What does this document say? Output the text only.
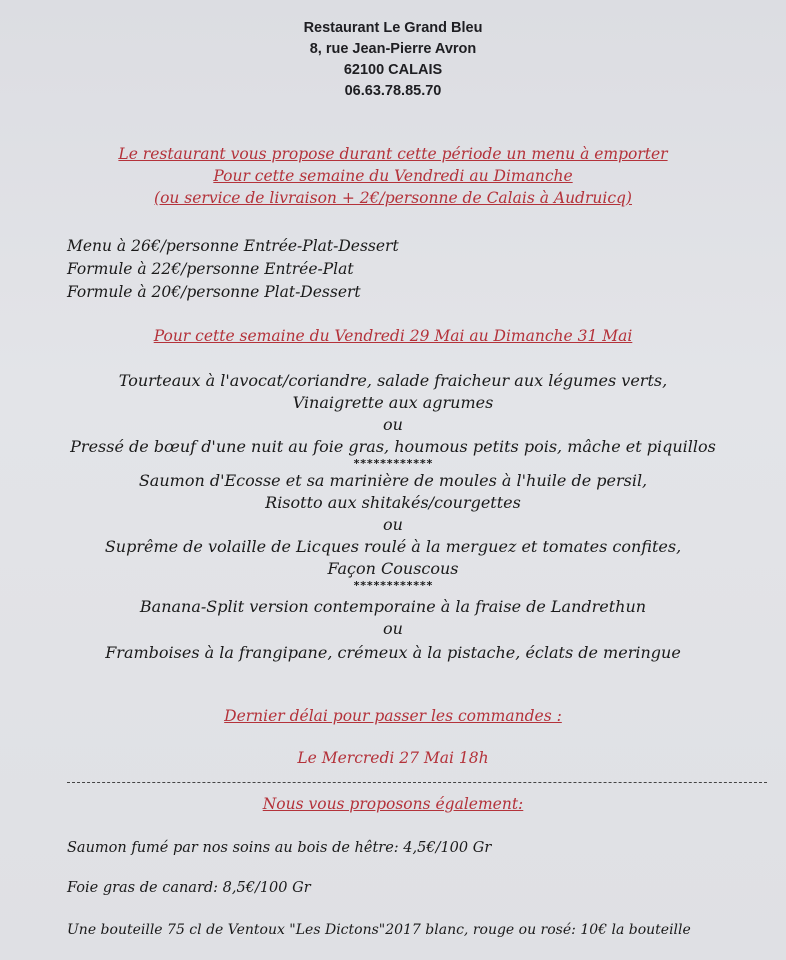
Restaurant Le Grand Bleu
8, rue Jean-Pierre Avron
62100 CALAIS
06.63.78.85.70
Le restaurant vous propose durant cette période un menu à emporter
Pour cette semaine du Vendredi au Dimanche
(ou service de livraison + 2€/personne de Calais à Audruicq)
Menu à 26€/personne Entrée-Plat-Dessert
Formule à 22€/personne Entrée-Plat
Formule à 20€/personne Plat-Dessert
Pour cette semaine du Vendredi 29 Mai au Dimanche 31 Mai
Tourteaux à l'avocat/coriandre, salade fraicheur aux légumes verts,
Vinaigrette aux agrumes
ou
Pressé de bœuf d'une nuit au foie gras, houmous petits pois, mâche et piquillos
************
Saumon d'Ecosse et sa marinière de moules à l'huile de persil,
Risotto aux shitakés/courgettes
ou
Suprême de volaille de Licques roulé à la merguez et tomates confites,
Façon Couscous
************
Banana-Split version contemporaine à la fraise de Landrethun
ou
Framboises à la frangipane, crémeux à la pistache, éclats de meringue
Dernier délai pour passer les commandes :
Le Mercredi 27 Mai 18h
Nous vous proposons également:
Saumon fumé par nos soins au bois de hêtre: 4,5€/100 Gr
Foie gras de canard: 8,5€/100 Gr
Une bouteille 75 cl de Ventoux "Les Dictons"2017 blanc, rouge ou rosé: 10€ la bouteille
